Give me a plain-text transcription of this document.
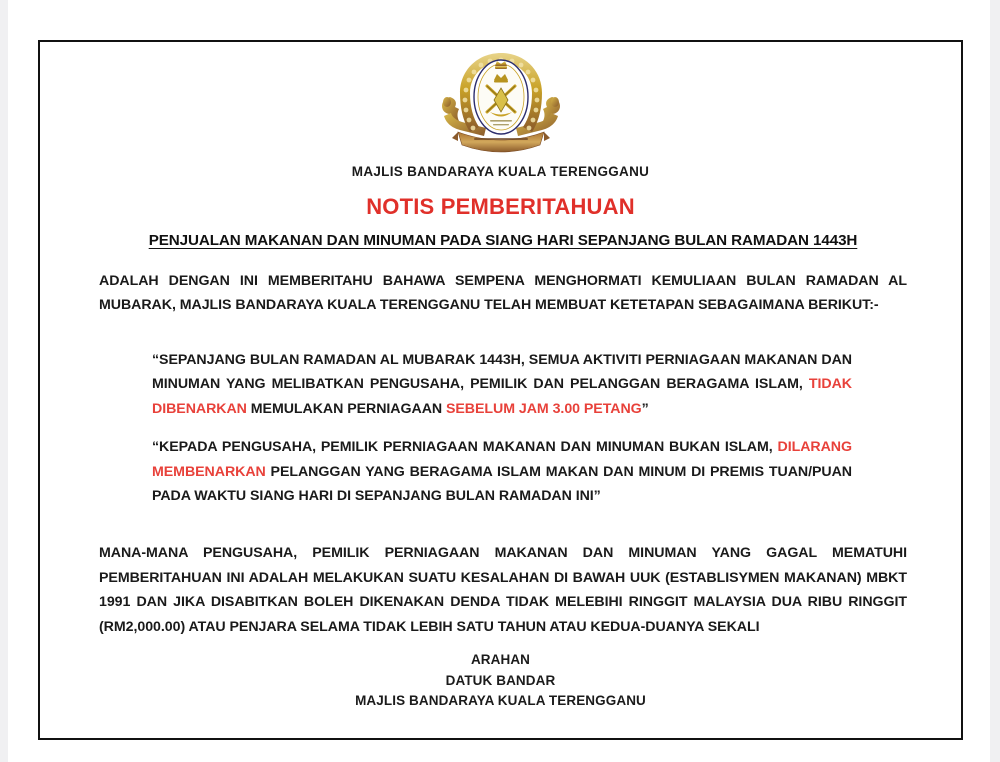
MAJLIS BANDARAYA KUALA TERENGGANU
NOTIS PEMBERITAHUAN
PENJUALAN MAKANAN DAN MINUMAN PADA SIANG HARI SEPANJANG BULAN RAMADAN 1443H
ADALAH DENGAN INI MEMBERITAHU BAHAWA SEMPENA MENGHORMATI KEMULIAAN BULAN RAMADAN AL MUBARAK, MAJLIS BANDARAYA KUALA TERENGGANU TELAH MEMBUAT KETETAPAN SEBAGAIMANA BERIKUT:-
“SEPANJANG BULAN RAMADAN AL MUBARAK 1443H, SEMUA AKTIVITI PERNIAGAAN MAKANAN DAN MINUMAN YANG MELIBATKAN PENGUSAHA, PEMILIK DAN PELANGGAN BERAGAMA ISLAM, TIDAK DIBENARKAN MEMULAKAN PERNIAGAAN SEBELUM JAM 3.00 PETANG”
“KEPADA PENGUSAHA, PEMILIK PERNIAGAAN MAKANAN DAN MINUMAN BUKAN ISLAM, DILARANG MEMBENARKAN PELANGGAN YANG BERAGAMA ISLAM MAKAN DAN MINUM DI PREMIS TUAN/PUAN PADA WAKTU SIANG HARI DI SEPANJANG BULAN RAMADAN INI”
MANA-MANA PENGUSAHA, PEMILIK PERNIAGAAN MAKANAN DAN MINUMAN YANG GAGAL MEMATUHI PEMBERITAHUAN INI ADALAH MELAKUKAN SUATU KESALAHAN DI BAWAH UUK (ESTABLISYMEN MAKANAN) MBKT 1991 DAN JIKA DISABITKAN BOLEH DIKENAKAN DENDA TIDAK MELEBIHI RINGGIT MALAYSIA DUA RIBU RINGGIT (RM2,000.00) ATAU PENJARA SELAMA TIDAK LEBIH SATU TAHUN ATAU KEDUA-DUANYA SEKALI
ARAHAN
DATUK BANDAR
MAJLIS BANDARAYA KUALA TERENGGANU
